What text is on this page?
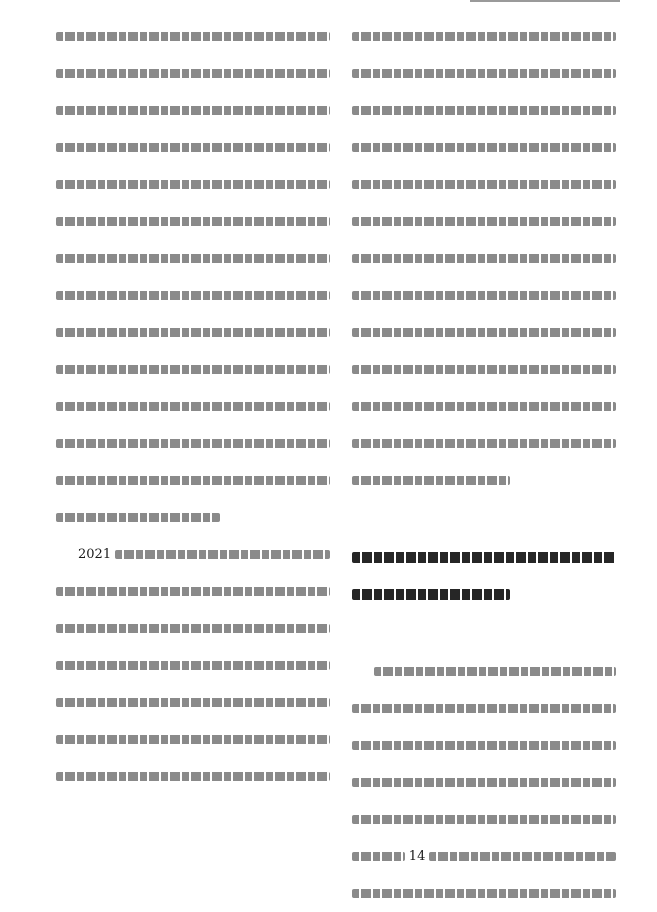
2021
14
